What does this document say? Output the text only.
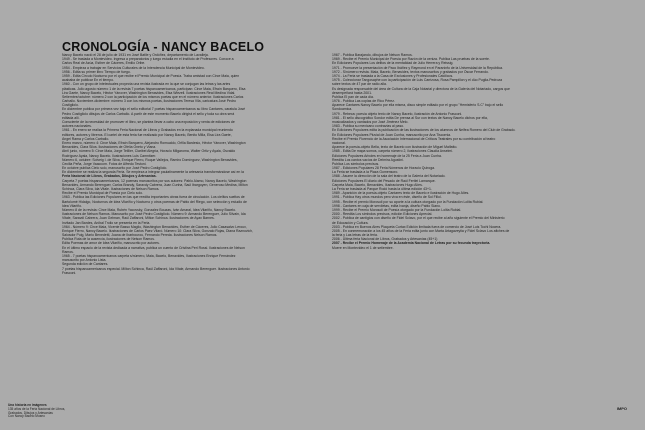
CRONOLOGÍA - NANCY BACELO
Nancy Bacelo nació el 28 de julio de 1931 en José Batlle y Ordóñez, departamento de Lavalleja.
1949 - Se traslada a Montevideo. Ingresa a preparatorios y luego estudia en el Instituto de Profesores. Conoce a
Carlos Real de Azúa, Esther de Cáceres, Emilio Oribe.
1954 - Empieza a trabajar en Servicios Culturales de la Intendencia Municipal de Montevideo.
1956 - Edita su primer libro Tiempo de fuego.
1959 - Edita Círculo Nocturno por el que recibe el Premio Municipal de Poesía. Traba amistad con Circe Maia, quien
acababa de publicar En el tiempo.
1960 - Con un grupo de intelectuales proyecta una revista ilustrada en la que se conjugan las letras y las artes
plásticas. Julio agosto número 1 de la revista 7 poetas hispanoamericanos, participan: Circe Maia, Efraín Barquero, Elsa
Lira Gaete, Nancy Bacelo, Héctor Yánover, Washington Benavides, Elsa Wiezell. Ilustraciones Real Medina Vidal.
Setiembre/octubre: número 2 con la participación de los mismos poetas que en el número anterior. Ilustraciones Carlos
Carballo. Noviembre-diciembre: número 3 con los mismos poetas, ilustraciones Teresa Vila, caricatura José Pedro
Costigliolo.
En diciembre publica por primera vez bajo el sello editorial 7 poetas hispanoamericanos su libro Cantares, caratula José
Pedro Costigliolo dibujos de Carlos Carballo. A partir de este momento Bacelo dirigirá el sello y toda su obra será
editada allí.
Consciente de la necesidad de promover el libro, se plantea llevar a cabo una exposición y venta de ediciones de
autores nacionales.
1961 - En enero se realiza la Primera Feria Nacional de Libros y Grabados en la explanada municipal reuniendo
editores, autores y libreros. El cartel de esta feria fue realizado por Nancy Bacelo, Benito Milla, Elsa Lira Gaete,
Ángel Rama y Carlos Carballo.
Enero marzo, número 4: Circe Maia, Efraín Barquero, Alejandro Romualdo, Orfila Bardesio, Héctor Yánover, Washington
Benavides, Clara Silva. Ilustraciones de Ofelia Oneto y Viana.
Abril junio, número 5: Circe Maia, Jorge Teillier, Claribel Alegría, Horacio Milgaroma, Walter Ortiz y Ayala, Osvaldo
Rodríguez Ayala, Nancy Bacelo. Ilustraciones Luis Camnitzer.
Número 6, octubre: Solveig I. de Silva, Enrique Fierro, Roque Vallejos, Ramiro Domínguez, Washington Benavides,
Cecilia Peña, Jorge Vaaccom. Fotos de Alfredo Testoni.
En octubre publica Cielo solo, manuscrito por José Pedro Costigliolo.
En diciembre se realiza la segunda Feria. Se empieza a integrar paulatinamente la artesanía transformándose así en la
Feria Nacional de Libros, Grabados, Dibujos y Artesanías.
Carpeta 7 poetas hispanoamericanos, 12 poemas manuscritos por sus autores: Pablo Alamo, Nancy Bacelo, Washington
Benavides, Armando Berenguer, Carlos Brandy, Saravdy Cabrera, Juan Cunha, Saúl Ibargoyen, Generoso Medina, Milton
Schinca, Clara Silva, Ida Vitale. Ilustraciones de Nelson Ramos.
Recibe el Premio Municipal de Poesía por Cielo solo.
1963 - Publica las Ediciones Populares en las que reedita importantes obras fuera de circulación. Los cielitos sueltos de
Bartolomé Hidalgo, Nocturnos de Idea Vilariño y Nocturno y otros poemas de Pablo del Riego, con selección y estudio de
Idea Vilariño.
Número 8 de la revista: Circe Maia, Rubén Yacovsky, Gonzalez Bouzas, Iván Amaral, Idea Vilariño, Nancy Bacelo.
Ilustraciones de Nelson Ramos. Manuscrito por José Pedro Costigliolo. Número 9: Armando Berenguer, Julio Silvain, Ida
Vitale, Saravdi Cabrera, Juan Gelman, Raúl Zaffaroni, Milton Schinca. Ilustraciones de Ayax Barnes.
Invitado Jan Bardes, Aníbal Troilo se presenta en la Feria.
1964 - Número 9: Circe Maia, Vicente Basso Maglio, Washington Benavides, Esther de Cáceres, Julio Casasalvo Leroux,
Enrique Fierro, Nancy Bacelo. Ilustraciones de Carlos Paez Vilaró. Número 10: Clara Silva, Gonzalo Rojas, Diana Raznovich,
Salvador Puig, Mario Benedetti, Juana de Ibarbourou, Fernando Pereda. Ilustraciones Nelson Ramos.
Publica Ruta de la ausencia, ilustraciones de Nelson Ramos.
Edita Poemas de amor de Idea Vilariño, manuscrito por autores.
En el último espacio de la revista dedicada a narrativa, publica un cuento de Cristina Peri Rossi. Ilustraciones de Nelson
Ramos.
1965 - 7 poetas hispanoamericanos carpeta s/número, Maia, Bacelo, Benavides, Ilustraciones Enrique Fernández
manuscrito por Antonio Lista.
Segunda edición de Cantares.
7 poetas hispanoamericanos especial. Milton Schinca, Raúl Zaffaroni, Ida Vitale, Armando Berenguer. Ilustraciones Antonio
Frasconi.
1967 - Publica Barajando, dibujos de Nelson Ramos.
1969 - Recibe el Premio Municipal de Poesía por Razón de la ceniza. Publica Las pruebas de la suerte.
En Ediciones Populares Los delitos de la mentalidad de Julio Herrera y Reissig.
1971 - Promueve la presentación de Paco Ibáñez y Raymond en el Paraninfo de la Universidad de la República.
1972 - S/número revista. Maia, Bacelo, Benavides, textos manuscritos y grabados por Óscar Ferrando.
1974 - La Feria se traslada a la Casa de Exclusiones y Profesionales Católicos.
1975 - Coleccionar Tangosaphe con la participación de Luis Carrizosa, Rosa Pampillon y el dúo Puglia-Pedroza
sobre textos de 47 par de radio alla.
Es designada responsable del área de Cultura de la Caja Notarial y directora de la Galería del Notariado, cargos que
desempeñará hasta 2001.
Publica El pan de cada día.
1976 - Publica Las coplas de Rico Pérez.
Aparece Cantares Nancy Bacelo por ella misma, disco simple editado por el grupo "Hemisferio S.C" bajo el sello
Sondoamica.
1979 - Rebeca: poesía objeto texto de Nancy Bacelo, ilustración de Antonio Frasconi.
1981 - El sello discográfico Sondor edita De prensa al Sur con textos de Nancy Bacelo dichos por ella,
musicalizados y cantados por José Jiménez Melo.
1983 - Publica su mexicano contravías al paso.
En Ediciones Populares edita la publicación de las ilustraciones de los alumnos de Nelfea Romero del Club de Grabado.
En Ediciones Populares Pluvial de Juan Cunha, manuscrito por Ana Tiscornia.
Recibe el Premio Florencio de la Asociación Internacional de Críticos Teatrales por su contribución al teatro
nacional.
Aparece la poesía-objeto Bella, texto de Bacelo con ilustración de Miguel Malfatto.
1985 - Edita De mapa somos, carpeta número 2, ilustraciones Claudia Anselmi.
Ediciones Populares Arboles en homenaje de la 25 Feria a Juan Cunha.
Reedita Los cantos vacíos de Delmira Agustini.
Publica Los símbolos precisos.
1987 - Ediciones Populares 28 Feria Nómenos de Horacio Quiroga.
La Feria se traslada a la Plaza Gomensoro.
1988 - Asume la dirección de la sala del teatro de la Galería del Notariado.
Ediciones Populares El diario del Pesado de Raúl Fertlei Lamarque.
Carpeta Maia, Bacelo, Benavides, Ilustraciones Hugo Alíes.
La Feria se traslada al Parque Rodó hasta la última edición 43+1.
1989 - Aparición de la poesía-objeto Cantares texto de Bacelo e ilustración de Hugo Alíes.
1991 - Publica Hay otros mundos pero viva en éste, diseño de Sol Fillol.
1995 - Recibe el premio Morosoli por su aporte a la cultura otorgado por la Fundación Lolita Rubial.
1998 - Cantares en caja de serviletas, edita Ivanja, diseño Pablo Siano.
1999 - Recibe el Premio Morosoli de Poesía otorgado por la Fundación Lolita Rubial.
2000 - Reedita Los símbolos precisos, edición Ediciones Aprecial.
2002 - Publica de cantiglos con diseño de Fidel Sclavo, por el que recibe al año siguiente el Premio del Ministerio
de Educación y Cultura.
2003 - Publica en Buenos Aires Plaqueta Curtax Edición limitada fuera de comercio de José Luis Tochi Nocera.
2005 - En conmemoración a los 45 años de la Feria edita junto con Marta Artagaveytia y Fidel Sclavo Los afiches de
la feria y Las letras de la feria.
2006 - Última feria Nacional de Libros, Grabados y Artesanías (45+1)
2007 - Recibe el Premio Homenaje de la Academia Nacional de Letras por su fecunda trayectoria.
Muere en Montevideo el 1 de setiembre.
Una historia en imágenes
135 años de la Feria Nacional de Libros,
Grabados, Dibujos y Artesanías
Con Nancy Bacelo Museo
IMPO
